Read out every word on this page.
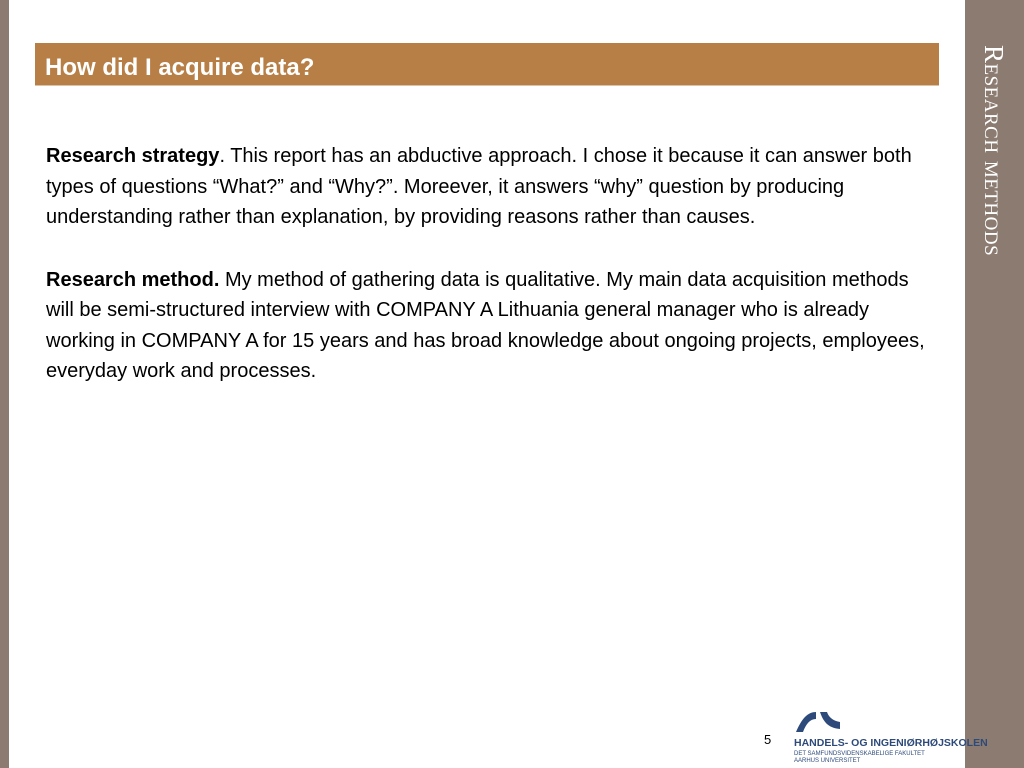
Research methods
How did I acquire data?

Research strategy. This report has an abductive approach. I chose it because it can answer both types of questions “What?” and “Why?”. Moreever, it answers “why” question by producing understanding rather than explanation, by providing reasons rather than causes.

Research method. My method of gathering data is qualitative. My main data acquisition methods will be semi-structured interview with COMPANY A Lithuania general manager who is already working in COMPANY A for 15 years and has broad knowledge about ongoing projects, employees, everyday work and processes.

5 HANDELS- OG INGENIØRHØJSKOLEN
DET SAMFUNDSVIDENSKABELIGE FAKULTET
AARHUS UNIVERSITET
